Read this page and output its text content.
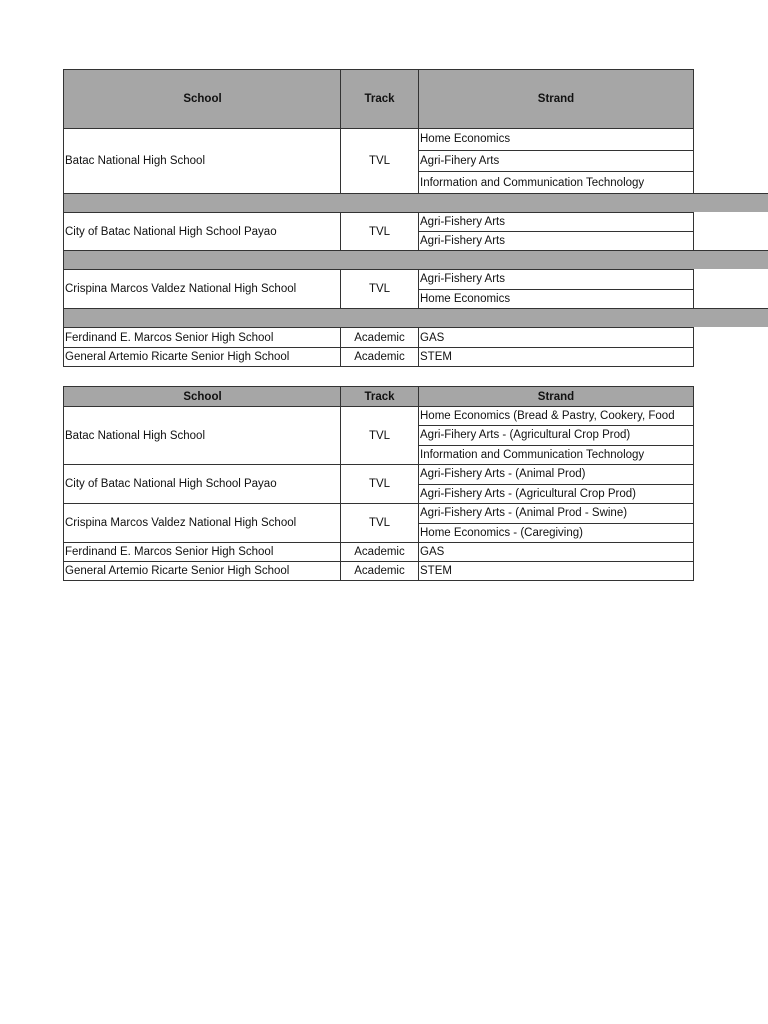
School	Track	Strand
Batac National High School	TVL
Home Economics
Agri-Fihery Arts
Information and Communication Technology
City of Batac National High School Payao	TVL
Agri-Fishery Arts
Agri-Fishery Arts
Crispina Marcos Valdez National High School	TVL
Agri-Fishery Arts
Home Economics
Ferdinand E. Marcos Senior High School	Academic	GAS
General Artemio Ricarte Senior High School	Academic	STEM
School	Track	Strand
Batac National High School	TVL
Home Economics (Bread & Pastry, Cookery, Food
Agri-Fihery Arts - (Agricultural Crop Prod)
Information and Communication Technology
City of Batac National High School Payao	TVL
Agri-Fishery Arts - (Animal Prod)
Agri-Fishery Arts - (Agricultural Crop Prod)
Crispina Marcos Valdez National High School	TVL
Agri-Fishery Arts - (Animal Prod - Swine)
Home Economics - (Caregiving)
Ferdinand E. Marcos Senior High School	Academic	GAS
General Artemio Ricarte Senior High School	Academic	STEM
